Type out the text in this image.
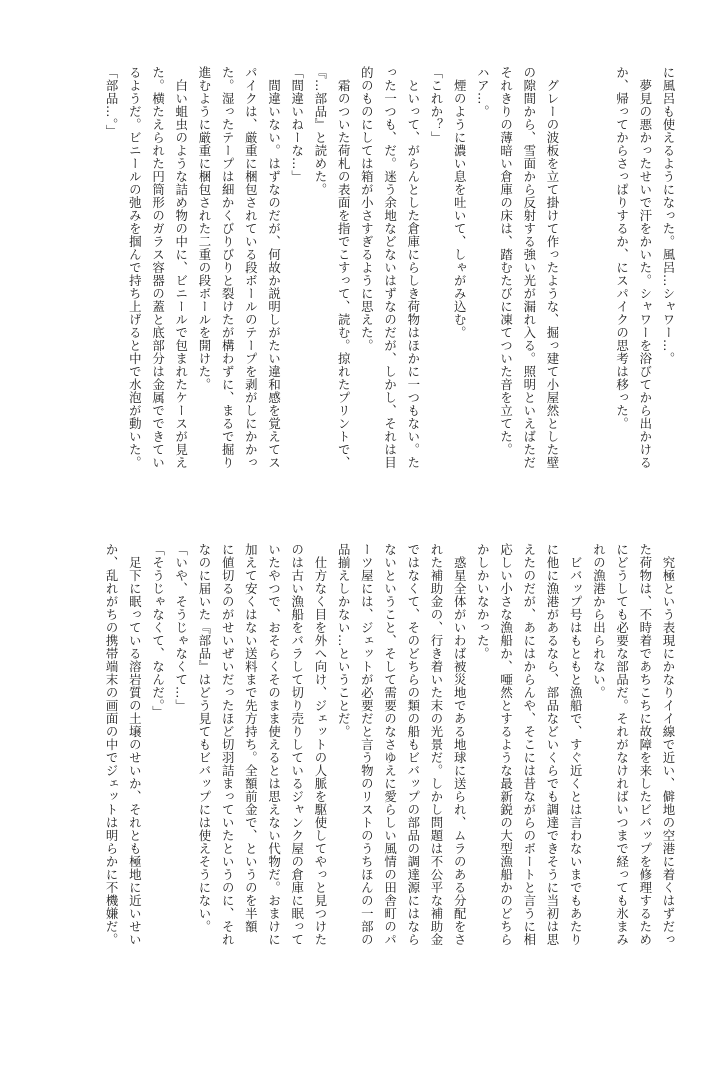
に風呂も使えるようになった。風呂…シャワー…。
　夢見の悪かったせいで汗をかいた。シャワーを浴びてから出かける
か、帰ってからさっぱりするか、にスパイクの思考は移った。

　グレーの波板を立て掛けて作ったような、掘っ建て小屋然とした壁
の隙間から、雪面から反射する強い光が漏れ入る。照明といえばただ
それきりの薄暗い倉庫の床は、踏むたびに凍てついた音を立てた。
ハア…。
　煙のように濃い息を吐いて、しゃがみ込む。
「これか？」
　といって、がらんとした倉庫にらしき荷物はほかに一つもない。た
った一つも、だ。迷う余地などないはずなのだが、しかし、それは目
的のものにしては箱が小さすぎるように思えた。
　霜のついた荷札の表面を指でこすって、読む。掠れたプリントで、
『…部品』と読めた。
「間違いねーな…」
　間違いない。はずなのだが、何故か説明しがたい違和感を覚えてス
パイクは、厳重に梱包されている段ボールのテープを剥がしにかかっ
た。湿ったテープは細かくびりびりと裂けたが構わずに、まるで掘り
進むように厳重に梱包された二重の段ボールを開けた。
　白い蛆虫のような詰め物の中に、ビニールで包まれたケースが見え
た。横たえられた円筒形のガラス容器の蓋と底部分は金属でできてい
るようだ。ビニールの弛みを掴んで持ち上げると中で水泡が動いた。
「部品…。」
　究極という表現にかなりイイ線で近い、僻地の空港に着くはずだっ
た荷物は、不時着であちこちに故障を来したビバップを修理するため
にどうしても必要な部品だ。それがなければいつまで経っても氷まみ
れの漁港から出られない。
　ビバップ号はもともと漁船で、すぐ近くとは言わないまでもあたり
に他に漁港があるなら、部品などいくらでも調達できそうに当初は思
えたのだが、あにはからんや、そこには昔ながらのボートと言うに相
応しい小さな漁船か、唖然とするような最新鋭の大型漁船かのどちら
かしかいなかった。
　惑星全体がいわば被災地である地球に送られ、ムラのある分配をさ
れた補助金の、行き着いた末の光景だ。しかし問題は不公平な補助金
ではなくて、そのどちらの類の船もビバップの部品の調達源にはなら
ないということ、そして需要のなさゆえに愛らしい風情の田舎町のパ
ーツ屋には、ジェットが必要だと言う物のリストのうちほんの一部の
品揃えしかない…ということだ。
　仕方なく目を外へ向け、ジェットの人脈を駆使してやっと見つけた
のは古い漁船をバラして切り売りしているジャンク屋の倉庫に眠って
いたやつで、おそらくそのまま使えるとは思えない代物だ。おまけに
加えて安くはない送料まで先方持ち。全額前金で、というのを半額
に値切るのがせいぜいだったほど切羽詰まっていたというのに、それ
なのに届いた『部品』はどう見てもビバップには使えそうにない。
「いや、そうじゃなくて…」
「そうじゃなくて、なんだ。」
　足下に眠っている溶岩質の土壌のせいか、それとも極地に近いせい
か、乱れがちの携帯端末の画面の中でジェットは明らかに不機嫌だ。
